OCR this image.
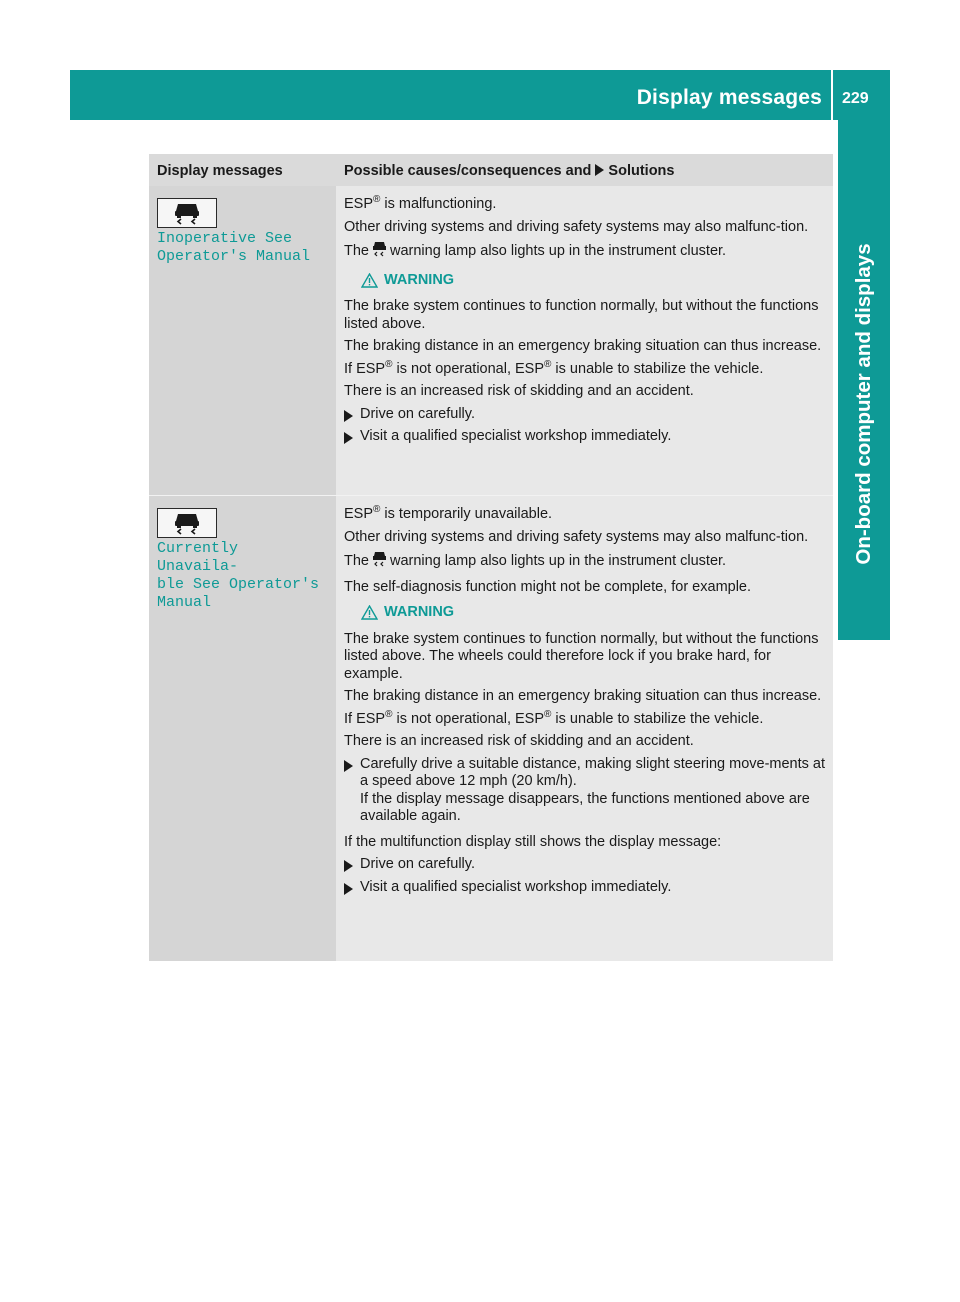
Display messages 229
On-board computer and displays
Display messages	Possible causes/consequences and Solutions
Inoperative See
Operator's Manual

ESP® is malfunctioning.

Other driving systems and driving safety systems may also malfunc-tion.

The warning lamp also lights up in the instrument cluster.

WARNING

The brake system continues to function normally, but without the functions listed above.

The braking distance in an emergency braking situation can thus increase.

If ESP® is not operational, ESP® is unable to stabilize the vehicle.

There is an increased risk of skidding and an accident.

Drive on carefully.
Visit a qualified specialist workshop immediately.
Currently Unavaila‐
ble See Operator's
Manual

ESP® is temporarily unavailable.

Other driving systems and driving safety systems may also malfunc-tion.

The warning lamp also lights up in the instrument cluster.

The self-diagnosis function might not be complete, for example.

WARNING

The brake system continues to function normally, but without the functions listed above. The wheels could therefore lock if you brake hard, for example.

The braking distance in an emergency braking situation can thus increase.

If ESP® is not operational, ESP® is unable to stabilize the vehicle.

There is an increased risk of skidding and an accident.

Carefully drive a suitable distance, making slight steering move-ments at a speed above 12 mph (20 km/h).
If the display message disappears, the functions mentioned above are available again.

If the multifunction display still shows the display message:

Drive on carefully.
Visit a qualified specialist workshop immediately.
